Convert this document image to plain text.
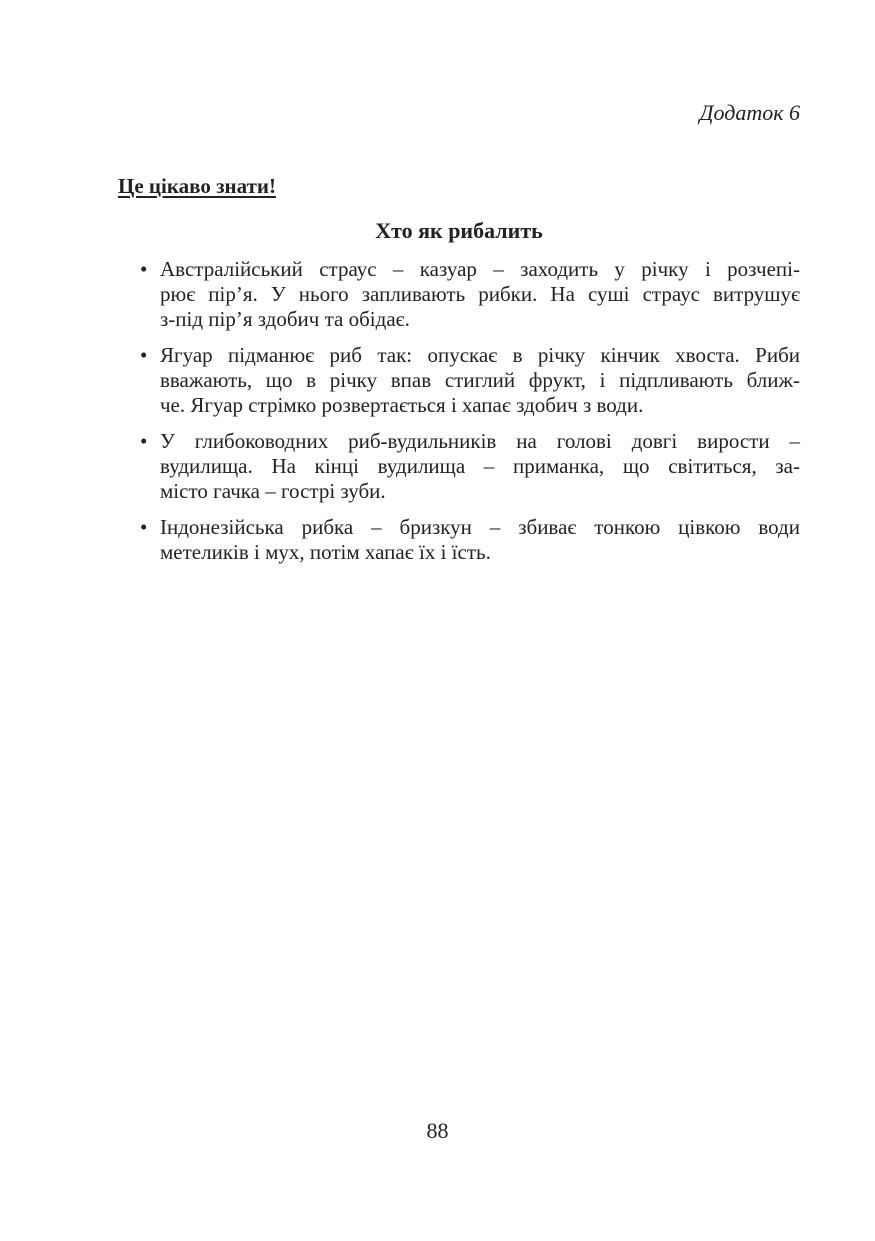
Додаток 6
Це цікаво знати!
Хто як рибалить
• Австралійський страус – казуар – заходить у річку і розчепі-
рює пір’я. У нього запливають рибки. На суші страус витрушує
з-під пір’я здобич та обідає.
• Ягуар підманює риб так: опускає в річку кінчик хвоста. Риби
вважають, що в річку впав стиглий фрукт, і підпливають ближ-
че. Ягуар стрімко розвертається і хапає здобич з води.
• У глибоководних риб-вудильників на голові довгі вирости –
вудилища. На кінці вудилища – приманка, що світиться, за-
місто гачка – гострі зуби.
• Індонезійська рибка – бризкун – збиває тонкою цівкою води
метеликів і мух, потім хапає їх і їсть.
88
